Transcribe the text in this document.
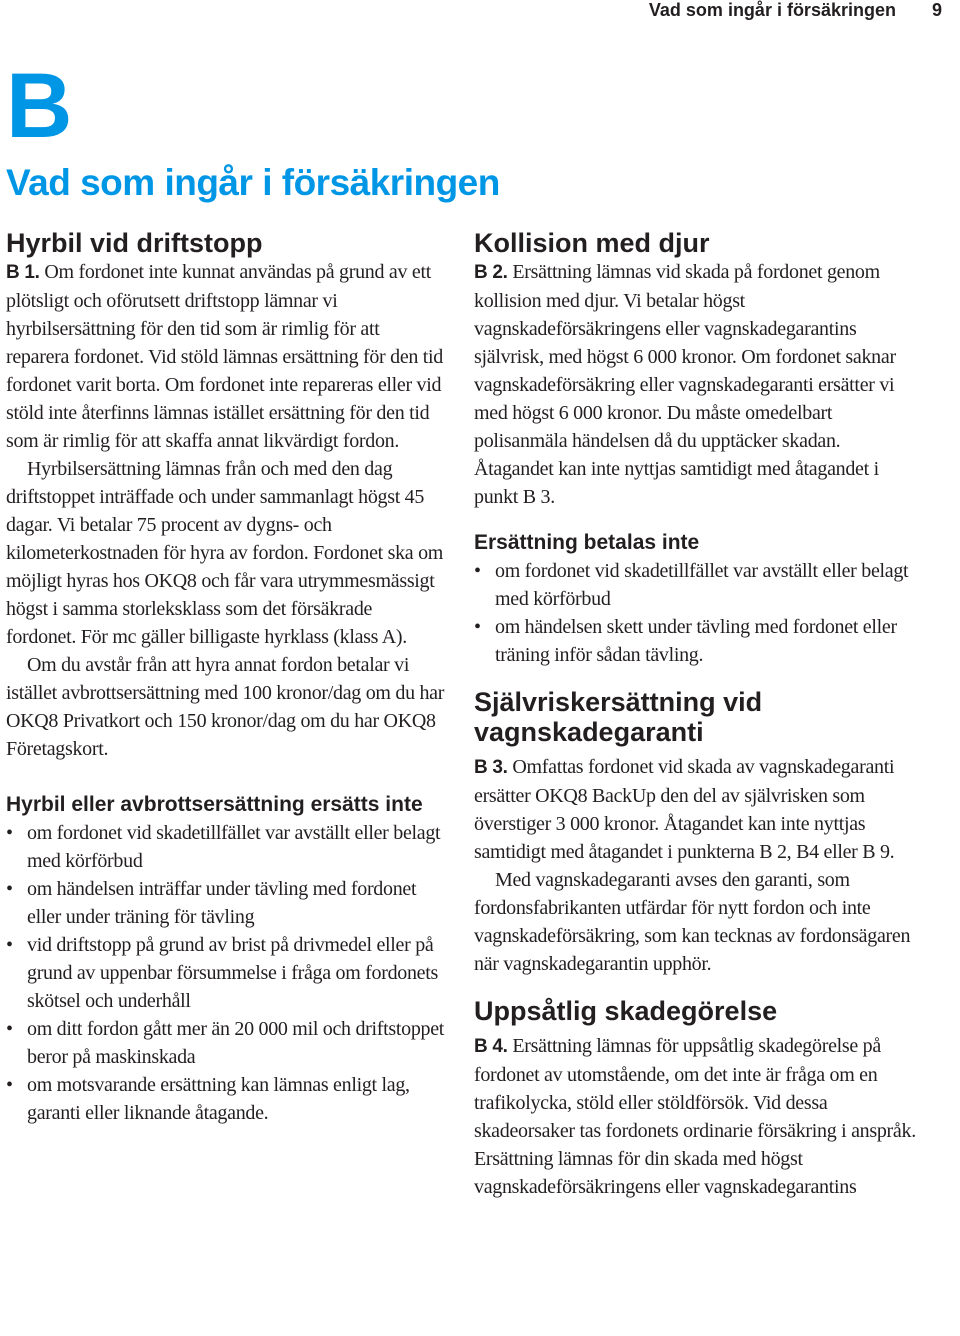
Vad som ingår i försäkringen 9
B
Vad som ingår i försäkringen
Hyrbil vid driftstopp

B 1. Om fordonet inte kunnat användas på grund av ett plötsligt och oförutsett driftstopp lämnar vi hyrbilsersättning för den tid som är rimlig för att reparera fordonet. Vid stöld lämnas ersättning för den tid fordonet varit borta. Om fordonet inte repareras eller vid stöld inte återfinns lämnas istället ersättning för den tid som är rimlig för att skaffa annat likvärdigt fordon.

Hyrbilsersättning lämnas från och med den dag driftstoppet inträffade och under sammanlagt högst 45 dagar. Vi betalar 75 procent av dygns- och kilometerkostnaden för hyra av fordon. Fordonet ska om möjligt hyras hos OKQ8 och får vara utrymmesmässigt högst i samma storleksklass som det försäkrade fordonet. För mc gäller billigaste hyrklass (klass A).

Om du avstår från att hyra annat fordon betalar vi istället avbrottsersättning med 100 kronor/dag om du har OKQ8 Privatkort och 150 kronor/dag om du har OKQ8 Företagskort.

Hyrbil eller avbrottsersättning ersätts inte
• om fordonet vid skadetillfället var avställt eller belagt med körförbud
• om händelsen inträffar under tävling med fordonet eller under träning för tävling
• vid driftstopp på grund av brist på drivmedel eller på grund av uppenbar försummelse i fråga om fordonets skötsel och underhåll
• om ditt fordon gått mer än 20 000 mil och driftstoppet beror på maskinskada
• om motsvarande ersättning kan lämnas enligt lag, garanti eller liknande åtagande.
Kollision med djur

B 2. Ersättning lämnas vid skada på fordonet genom kollision med djur. Vi betalar högst vagnskadeförsäkringens eller vagnskadegarantins självrisk, med högst 6 000 kronor. Om fordonet saknar vagnskadeförsäkring eller vagnskadegaranti ersätter vi med högst 6 000 kronor. Du måste omedelbart polisanmäla händelsen då du upptäcker skadan. Åtagandet kan inte nyttjas samtidigt med åtagandet i punkt B 3.

Ersättning betalas inte
• om fordonet vid skadetillfället var avställt eller belagt med körförbud
• om händelsen skett under tävling med fordonet eller träning inför sådan tävling.
Självriskersättning vid vagnskadegaranti

B 3. Omfattas fordonet vid skada av vagnskadegaranti ersätter OKQ8 BackUp den del av självrisken som överstiger 3 000 kronor. Åtagandet kan inte nyttjas samtidigt med åtagandet i punkterna B 2, B4 eller B 9.

Med vagnskadegaranti avses den garanti, som fordonsfabrikanten utfärdar för nytt fordon och inte vagnskadeförsäkring, som kan tecknas av fordonsägaren när vagnskadegarantin upphör.

Uppsåtlig skadegörelse

B 4. Ersättning lämnas för uppsåtlig skadegörelse på fordonet av utomstående, om det inte är fråga om en trafikolycka, stöld eller stöldförsök. Vid dessa skadeorsaker tas fordonets ordinarie försäkring i anspråk. Ersättning lämnas för din skada med högst vagnskadeförsäkringens eller vagnskadegarantins
